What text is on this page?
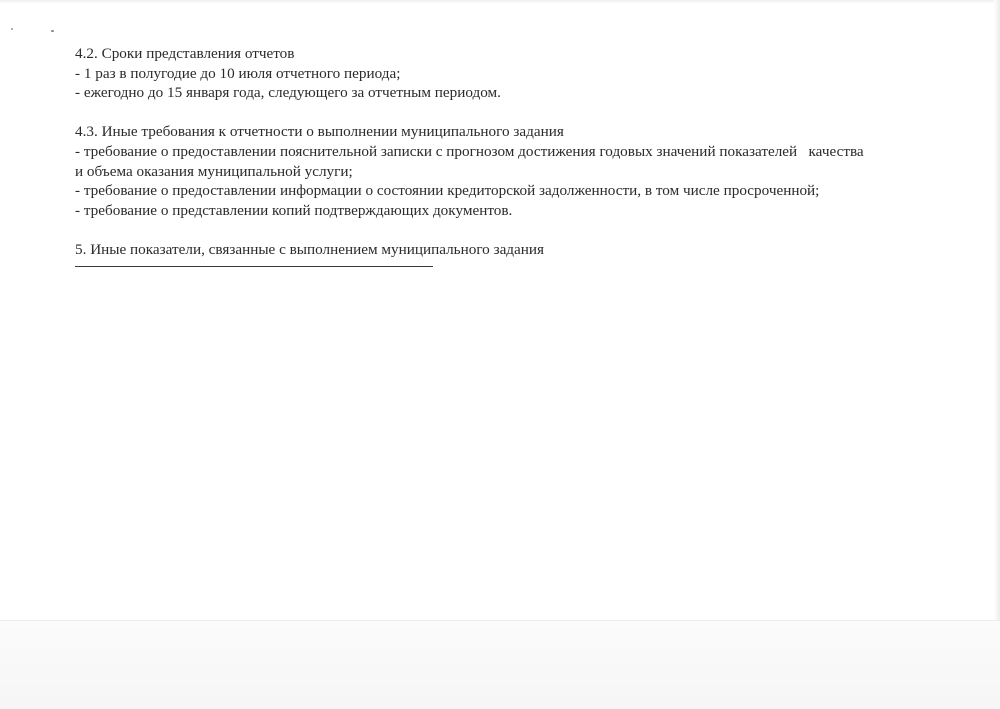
4.2. Сроки представления отчетов
- 1 раз в полугодие до 10 июля отчетного периода;
- ежегодно до 15 января года, следующего за отчетным периодом.
4.3. Иные требования к отчетности о выполнении муниципального задания
- требование о предоставлении пояснительной записки с прогнозом достижения годовых значений показателей   качества
и объема оказания муниципальной услуги;
- требование о предоставлении информации о состоянии кредиторской задолженности, в том числе просроченной;
- требование о представлении копий подтверждающих документов.
5. Иные показатели, связанные с выполнением муниципального задания
